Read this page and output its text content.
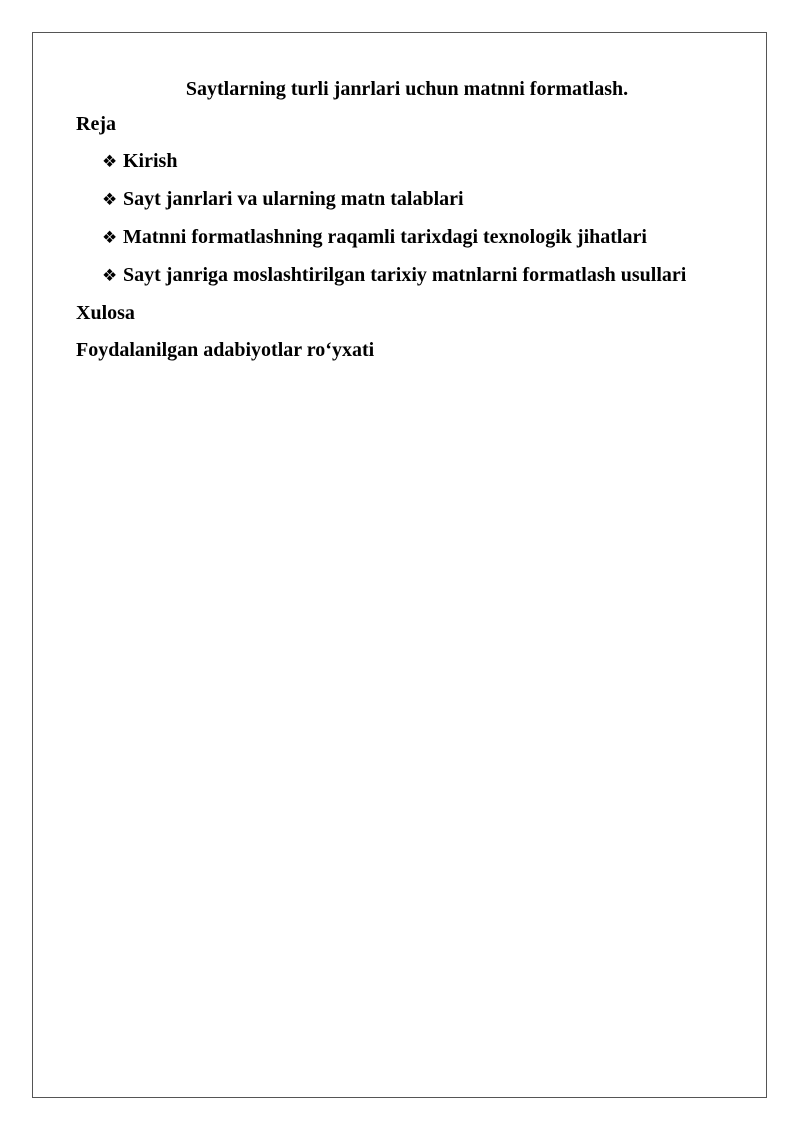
Saytlarning turli janrlari uchun matnni formatlash.

Reja

❖ Kirish
❖ Sayt janrlari va ularning matn talablari
❖ Matnni formatlashning raqamli tarixdagi texnologik jihatlari
❖ Sayt janriga moslashtirilgan tarixiy matnlarni formatlash usullari

Xulosa

Foydalanilgan adabiyotlar ro‘yxati
